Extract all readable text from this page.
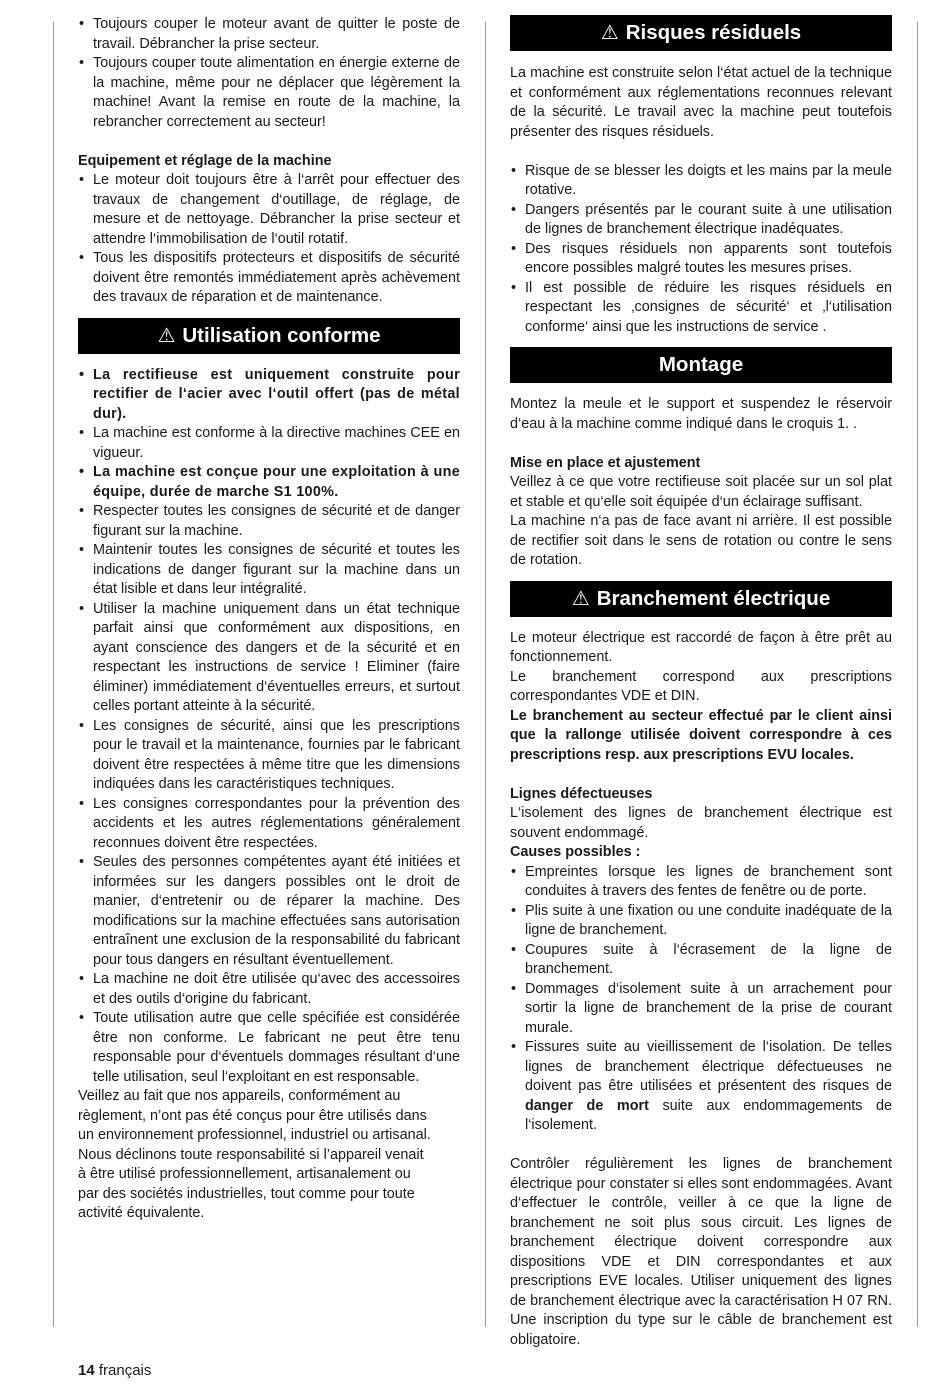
• Toujours couper le moteur avant de quitter le poste de travail. Débrancher la prise secteur.
• Toujours couper toute alimentation en énergie externe de la machine, même pour ne déplacer que légèrement la machine! Avant la remise en route de la machine, la rebrancher correctement au secteur!

Equipement et réglage de la machine

• Le moteur doit toujours être à l‘arrêt pour effectuer des travaux de changement d‘outillage, de réglage, de mesure et de nettoyage. Débrancher la prise secteur et attendre l‘immobilisation de l‘outil rotatif.
• Tous les dispositifs protecteurs et dispositifs de sécurité doivent être remontés immédiatement après achèvement des travaux de réparation et de maintenance.
⚠ Utilisation conforme
• La rectifieuse est uniquement construite pour rectifier de l‘acier avec l‘outil offert (pas de métal dur).
• La machine est conforme à la directive machines CEE en vigueur.
• La machine est conçue pour une exploitation à une équipe, durée de marche S1 100%.
• Respecter toutes les consignes de sécurité et de danger figurant sur la machine.
• Maintenir toutes les consignes de sécurité et toutes les indications de danger figurant sur la machine dans un état lisible et dans leur intégralité.
• Utiliser la machine uniquement dans un état technique parfait ainsi que conformément aux dispositions, en ayant conscience des dangers et de la sécurité et en respectant les instructions de service ! Eliminer (faire éliminer) immédiatement d‘éventuelles erreurs, et surtout celles portant atteinte à la sécurité.
• Les consignes de sécurité, ainsi que les prescriptions pour le travail et la maintenance, fournies par le fabricant doivent être respectées à même titre que les dimensions indiquées dans les caractéristiques techniques.
• Les consignes correspondantes pour la prévention des accidents et les autres réglementations généralement reconnues doivent être respectées.
• Seules des personnes compétentes ayant été initiées et informées sur les dangers possibles ont le droit de manier, d‘entretenir ou de réparer la machine. Des modifications sur la machine effectuées sans autorisation entraînent une exclusion de la responsabilité du fabricant pour tous dangers en résultant éventuellement.
• La machine ne doit être utilisée qu‘avec des accessoires et des outils d‘origine du fabricant.
• Toute utilisation autre que celle spécifiée est considérée être non conforme. Le fabricant ne peut être tenu responsable pour d‘éventuels dommages résultant d‘une telle utilisation, seul l‘exploitant en est responsable.
Veillez au fait que nos appareils, conformément au
règlement, n’ont pas été conçus pour être utilisés dans
un environnement professionnel, industriel ou artisanal.
Nous déclinons toute responsabilité si l’appareil venait
à être utilisé professionnellement, artisanalement ou
par des sociétés industrielles, tout comme pour toute
activité équivalente.
⚠ Risques résiduels

La machine est construite selon l‘état actuel de la technique et conformément aux réglementations reconnues relevant de la sécurité. Le travail avec la machine peut toutefois présenter des risques résiduels.

• Risque de se blesser les doigts et les mains par la meule rotative.
• Dangers présentés par le courant suite à une utilisation de lignes de branchement électrique inadéquates.
• Des risques résiduels non apparents sont toutefois encore possibles malgré toutes les mesures prises.
• Il est possible de réduire les risques résiduels en respectant les ‚consignes de sécurité‘ et ‚l‘utilisation conforme‘ ainsi que les instructions de service .
Montage

Montez la meule et le support et suspendez le réservoir d‘eau à la machine comme indiqué dans le croquis 1. .

Mise en place et ajustement

Veillez à ce que votre rectifieuse soit placée sur un sol plat et stable et qu‘elle soit équipée d‘un éclairage suffisant.

La machine n‘a pas de face avant ni arrière. Il est possible de rectifier soit dans le sens de rotation ou contre le sens de rotation.

⚠ Branchement électrique

Le moteur électrique est raccordé de façon à être prêt au fonctionnement.

Le branchement correspond aux prescriptions correspondantes VDE et DIN.

Le branchement au secteur effectué par le client ainsi que la rallonge utilisée doivent correspondre à ces prescriptions resp. aux prescriptions EVU locales.

Lignes défectueuses

L‘isolement des lignes de branchement électrique est souvent endommagé.

Causes possibles :

• Empreintes lorsque les lignes de branchement sont conduites à travers des fentes de fenêtre ou de porte.
• Plis suite à une fixation ou une conduite inadéquate de la ligne de branchement.
• Coupures suite à l‘écrasement de la ligne de branchement.
• Dommages d‘isolement suite à un arrachement pour sortir la ligne de branchement de la prise de courant murale.
• Fissures suite au vieillissement de l‘isolation. De telles lignes de branchement électrique défectueuses ne doivent pas être utilisées et présentent des risques de danger de mort suite aux endommagements de l‘isolement.

Contrôler régulièrement les lignes de branchement électrique pour constater si elles sont endommagées. Avant d‘effectuer le contrôle, veiller à ce que la ligne de branchement ne soit plus sous circuit. Les lignes de branchement électrique doivent correspondre aux dispositions VDE et DIN correspondantes et aux prescriptions EVE locales. Utiliser uniquement des lignes de branchement électrique avec la caractérisation H 07 RN. Une inscription du type sur le câble de branchement est obligatoire.

14 français
